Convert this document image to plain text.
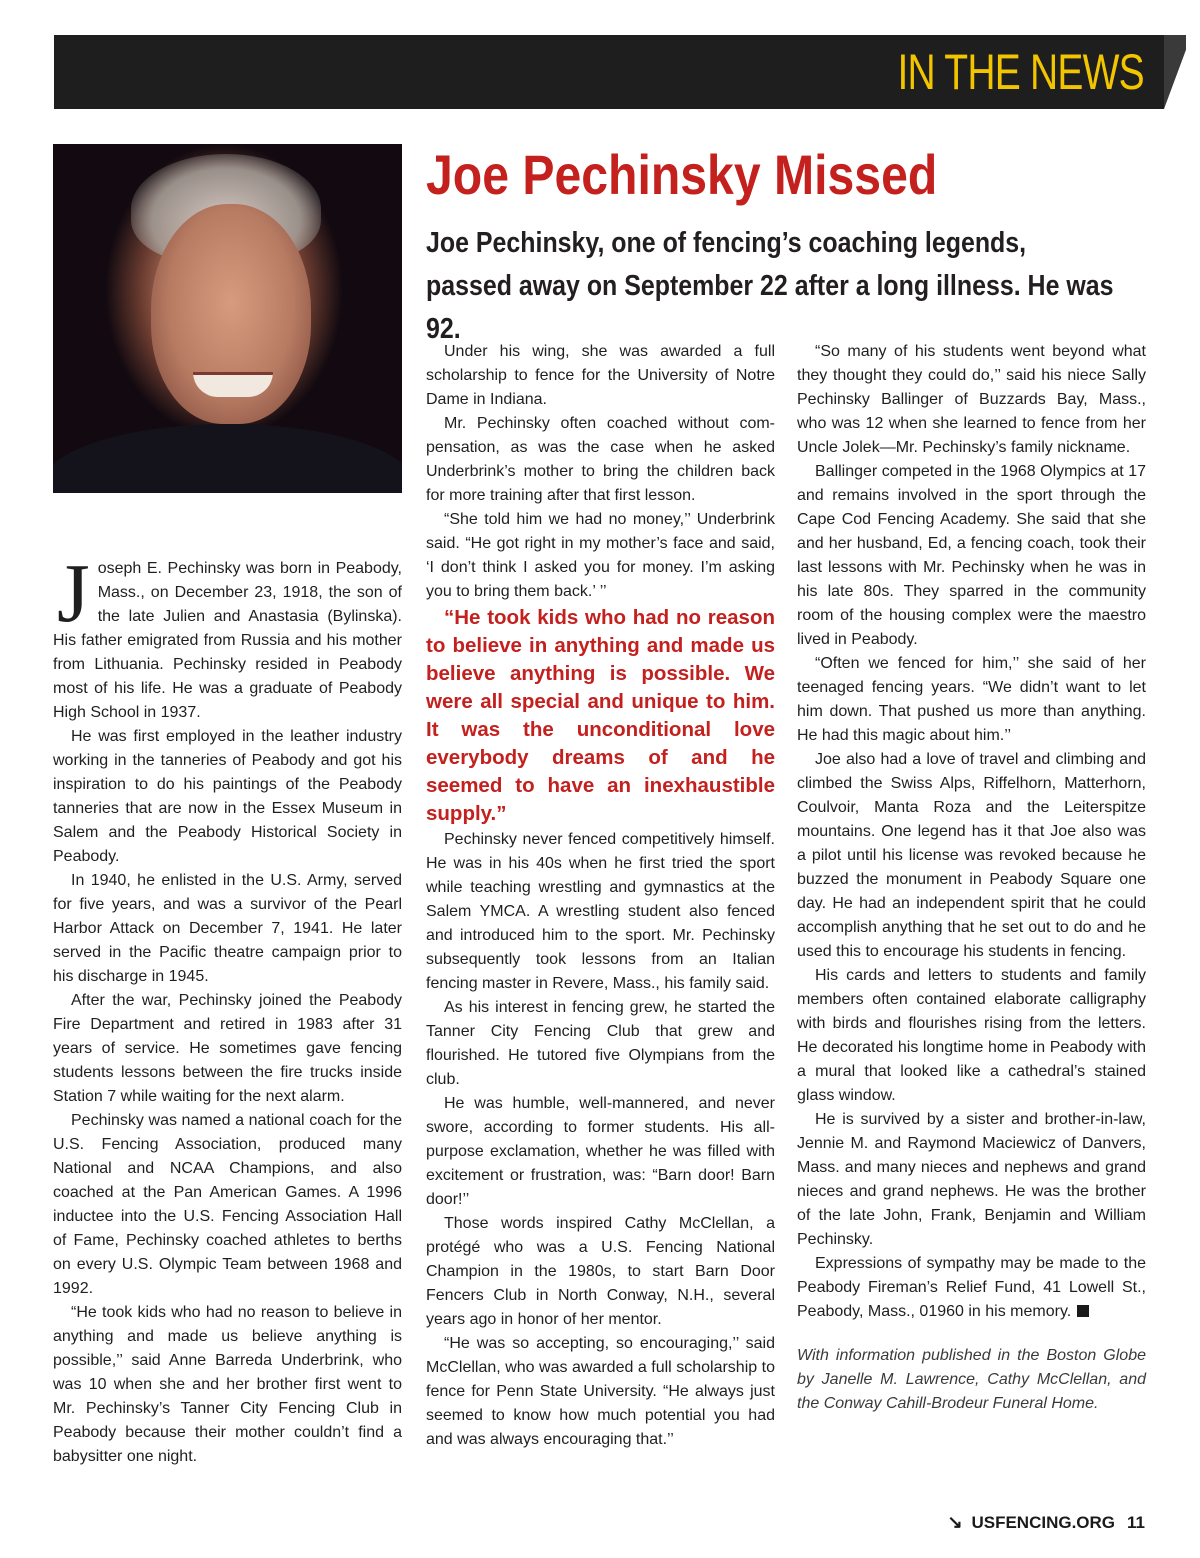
IN THE NEWS
Joe Pechinsky Missed

Joe Pechinsky, one of fencing’s coaching legends, passed away on September 22 after a long illness. He was 92.

Joseph E. Pechinsky was born in Peabody, Mass., on December 23, 1918, the son of the late Julien and Anastasia (Bylinska). His father emigrated from Russia and his mother from Lithuania. Pechinsky resided in Peabody most of his life. He was a graduate of Peabody High School in 1937.

He was first employed in the leather industry working in the tanneries of Peabody and got his inspiration to do his paintings of the Peabody tanneries that are now in the Essex Museum in Salem and the Peabody Historical Society in Peabody.

In 1940, he enlisted in the U.S. Army, served for five years, and was a survivor of the Pearl Harbor Attack on December 7, 1941. He later served in the Pacific theatre campaign prior to his discharge in 1945.

After the war, Pechinsky joined the Peabody Fire Department and retired in 1983 after 31 years of service. He sometimes gave fencing students lessons between the fire trucks inside Station 7 while waiting for the next alarm.

Pechinsky was named a national coach for the U.S. Fencing Association, produced many National and NCAA Champions, and also coached at the Pan American Games. A 1996 inductee into the U.S. Fencing Association Hall of Fame, Pechinsky coached athletes to berths on every U.S. Olympic Team between 1968 and 1992.

“He took kids who had no reason to believe in anything and made us believe anything is possible,’’ said Anne Barreda Underbrink, who was 10 when she and her brother first went to Mr. Pechinsky’s Tanner City Fencing Club in Peabody because their mother couldn’t find a babysitter one night.

Under his wing, she was awarded a full scholarship to fence for the University of Notre Dame in Indiana.

Mr. Pechinsky often coached without compensation, as was the case when he asked Underbrink’s mother to bring the children back for more training after that first lesson.

“She told him we had no money,’’ Underbrink said. “He got right in my mother’s face and said, ‘I don’t think I asked you for money. I’m asking you to bring them back.’ ’’

“He took kids who had no reason to believe in anything and made us believe anything is possible. We were all special and unique to him. It was the unconditional love everybody dreams of and he seemed to have an inexhaustible supply.”

Pechinsky never fenced competitively himself. He was in his 40s when he first tried the sport while teaching wrestling and gymnastics at the Salem YMCA. A wrestling student also fenced and introduced him to the sport. Mr. Pechinsky subsequently took lessons from an Italian fencing master in Revere, Mass., his family said.

As his interest in fencing grew, he started the Tanner City Fencing Club that grew and flourished. He tutored five Olympians from the club.

He was humble, well-mannered, and never swore, according to former students. His all-purpose exclamation, whether he was filled with excitement or frustration, was: “Barn door! Barn door!’’

Those words inspired Cathy McClellan, a protégé who was a U.S. Fencing National Champion in the 1980s, to start Barn Door Fencers Club in North Conway, N.H., several years ago in honor of her mentor.

“He was so accepting, so encouraging,’’ said McClellan, who was awarded a full scholarship to fence for Penn State University. “He always just seemed to know how much potential you had and was always encouraging that.’’

“So many of his students went beyond what they thought they could do,’’ said his niece Sally Pechinsky Ballinger of Buzzards Bay, Mass., who was 12 when she learned to fence from her Uncle Jolek—Mr. Pechinsky’s family nickname.

Ballinger competed in the 1968 Olympics at 17 and remains involved in the sport through the Cape Cod Fencing Academy. She said that she and her husband, Ed, a fencing coach, took their last lessons with Mr. Pechinsky when he was in his late 80s. They sparred in the community room of the housing complex were the maestro lived in Peabody.

“Often we fenced for him,’’ she said of her teenaged fencing years. “We didn’t want to let him down. That pushed us more than anything. He had this magic about him.’’

Joe also had a love of travel and climbing and climbed the Swiss Alps, Riffelhorn, Matterhorn, Coulvoir, Manta Roza and the Leiterspitze mountains. One legend has it that Joe also was a pilot until his license was revoked because he buzzed the monument in Peabody Square one day. He had an independent spirit that he could accomplish anything that he set out to do and he used this to encourage his students in fencing.

His cards and letters to students and family members often contained elaborate calligraphy with birds and flourishes rising from the letters. He decorated his longtime home in Peabody with a mural that looked like a cathedral’s stained glass window.

He is survived by a sister and brother-in-law, Jennie M. and Raymond Maciewicz of Danvers, Mass. and many nieces and nephews and grand nieces and grand nephews. He was the brother of the late John, Frank, Benjamin and William Pechinsky.

Expressions of sympathy may be made to the Peabody Fireman’s Relief Fund, 41 Lowell St., Peabody, Mass., 01960 in his memory.

With information published in the Boston Globe by Janelle M. Lawrence, Cathy McClellan, and the Conway Cahill-Brodeur Funeral Home.

↘ USFENCING.ORG 11
